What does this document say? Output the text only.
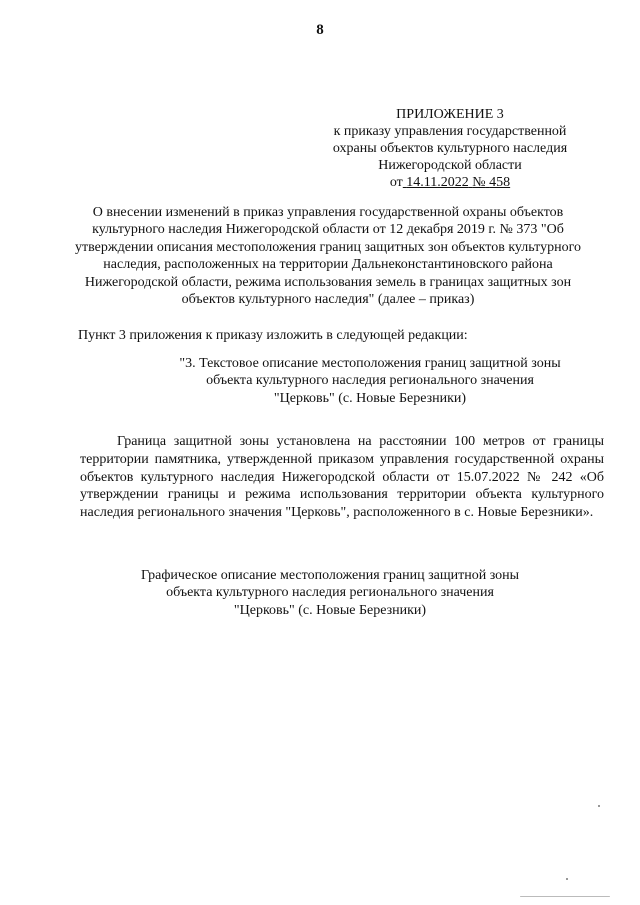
8
ПРИЛОЖЕНИЕ 3
к приказу управления государственной
охраны объектов культурного наследия
Нижегородской области
от 14.11.2022 № 458
О внесении изменений в приказ управления государственной охраны объектов
культурного наследия Нижегородской области от 12 декабря 2019 г. № 373 "Об
утверждении описания местоположения границ защитных зон объектов культурного
наследия, расположенных на территории Дальнеконстантиновского района
Нижегородской области, режима использования земель в границах защитных зон
объектов культурного наследия" (далее – приказ)
Пункт 3 приложения к приказу изложить в следующей редакции:
"3. Текстовое описание местоположения границ защитной зоны
объекта культурного наследия регионального значения
"Церковь" (с. Новые Березники)
Граница защитной зоны установлена на расстоянии 100 метров от границы
территории памятника, утвержденной приказом управления государственной охраны
объектов культурного наследия Нижегородской области от 15.07.2022 № 242 «Об
утверждении границы и режима использования территории объекта культурного
наследия регионального значения "Церковь", расположенного в с. Новые Березники».
Графическое описание местоположения границ защитной зоны
объекта культурного наследия регионального значения
"Церковь" (с. Новые Березники)
